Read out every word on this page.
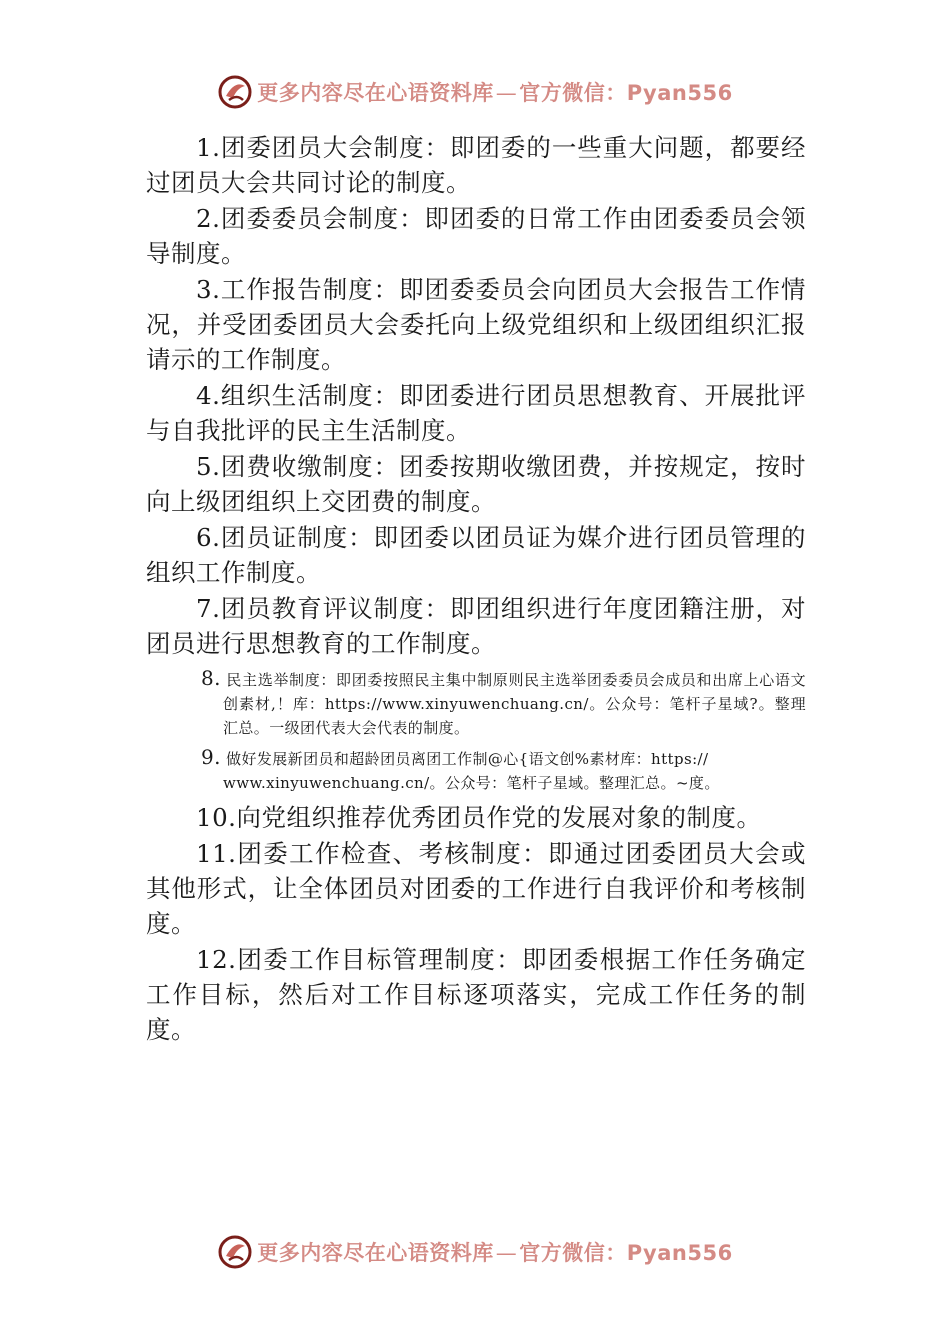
更多内容尽在心语资料库—官方微信：Pyan556

1.团委团员大会制度：即团委的一些重大问题，都要经过团员大会共同讨论的制度。

2.团委委员会制度：即团委的日常工作由团委委员会领导制度。

3.工作报告制度：即团委委员会向团员大会报告工作情况，并受团委团员大会委托向上级党组织和上级团组织汇报请示的工作制度。

4.组织生活制度：即团委进行团员思想教育、开展批评与自我批评的民主生活制度。

5.团费收缴制度：团委按期收缴团费，并按规定，按时向上级团组织上交团费的制度。

6.团员证制度：即团委以团员证为媒介进行团员管理的组织工作制度。

7.团员教育评议制度：即团组织进行年度团籍注册，对团员进行思想教育的工作制度。

8. 民主选举制度：即团委按照民主集中制原则民主选举团委委员会成员和出席上心语文创素材,！库：https://www.xinyuwenchuang.cn/。公众号：笔杆子星域?。整理汇总。一级团代表大会代表的制度。

9. 做好发展新团员和超龄团员离团工作制@心{语文创%素材库：https://
www.xinyuwenchuang.cn/。公众号：笔杆子星域。整理汇总。~度。

10.向党组织推荐优秀团员作党的发展对象的制度。

11.团委工作检查、考核制度：即通过团委团员大会或其他形式，让全体团员对团委的工作进行自我评价和考核制度。

12.团委工作目标管理制度：即团委根据工作任务确定工作目标，然后对工作目标逐项落实，完成工作任务的制度。

更多内容尽在心语资料库—官方微信：Pyan556
